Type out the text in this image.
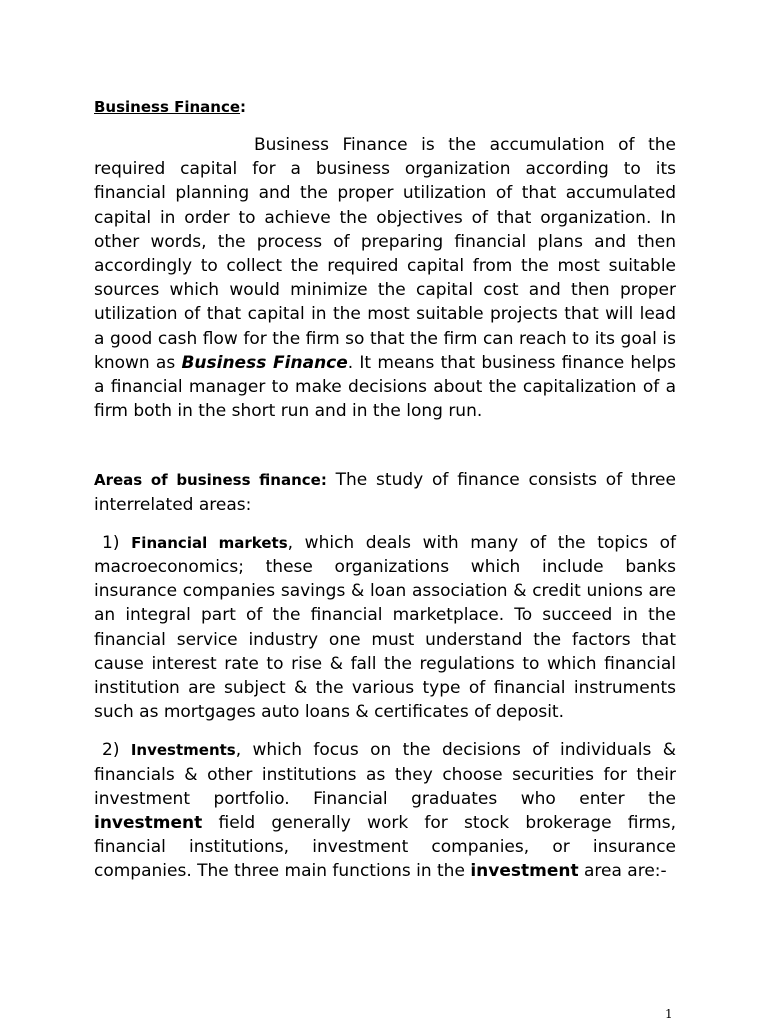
Business Finance:

Business Finance is the accumulation of the required capital for a business organization according to its financial planning and the proper utilization of that accumulated capital in order to achieve the objectives of that organization. In other words, the process of preparing financial plans and then accordingly to collect the required capital from the most suitable sources which would minimize the capital cost and then proper utilization of that capital in the most suitable projects that will lead a good cash flow for the firm so that the firm can reach to its goal is known as Business Finance. It means that business finance helps a financial manager to make decisions about the capitalization of a firm both in the short run and in the long run.

Areas of business finance: The study of finance consists of three interrelated areas:

1) Financial markets, which deals with many of the topics of macroeconomics; these organizations which include banks insurance companies savings & loan association & credit unions are an integral part of the financial marketplace. To succeed in the financial service industry one must understand the factors that cause interest rate to rise & fall the regulations to which financial institution are subject & the various type of financial instruments such as mortgages auto loans & certificates of deposit.

2) Investments, which focus on the decisions of individuals & financials & other institutions as they choose securities for their investment portfolio. Financial graduates who enter the investment field generally work for stock brokerage firms, financial institutions, investment companies, or insurance companies. The three main functions in the investment area are:-

1
